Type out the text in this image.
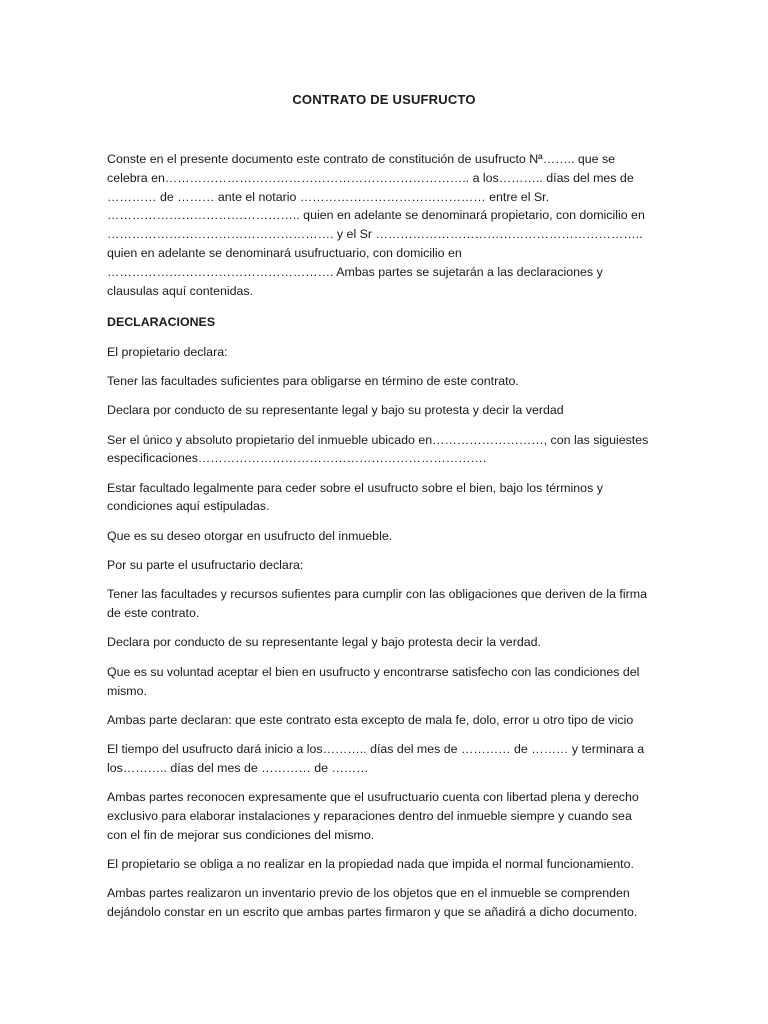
CONTRATO DE USUFRUCTO

Conste en el presente documento este contrato de constitución de usufructo Nª…….. que se celebra en……………………………………………………………….. a los……….. días del mes de ………… de ……… ante el notario ……………………………………… entre el Sr. ……………………………………….. quien en adelante se denominará propietario, con domicilio en ………………………………………………. y el Sr ……………………………………………………….. quien en adelante se denominará usufructuario, con domicilio en ………………………………………………. Ambas partes se sujetarán a las declaraciones y clausulas aquí contenidas.

DECLARACIONES

El propietario declara:

Tener las facultades suficientes para obligarse en término de este contrato.

Declara por conducto de su representante legal y bajo su protesta y decir la verdad

Ser el único y absoluto propietario del inmueble ubicado en………………………, con las siguiestes especificaciones…………………………………………………………….

Estar facultado legalmente para ceder sobre el usufructo sobre el bien, bajo los términos y condiciones aquí estipuladas.

Que es su deseo otorgar en usufructo del inmueble.

Por su parte el usufructario declara:

Tener las facultades y recursos sufientes para cumplir con las obligaciones que deriven de la firma de este contrato.

Declara por conducto de su representante legal y bajo protesta decir la verdad.

Que es su voluntad aceptar el bien en usufructo y encontrarse satisfecho con las condiciones del mismo.

Ambas parte declaran: que este contrato esta excepto de mala fe, dolo, error u otro tipo de vicio

El tiempo del usufructo dará inicio a los……….. días del mes de ………… de ……… y terminara a los……….. días del mes de ………… de ………

Ambas partes reconocen expresamente que el usufructuario cuenta con libertad plena y derecho exclusivo para elaborar instalaciones y reparaciones dentro del inmueble siempre y cuando sea con el fin de mejorar sus condiciones del mismo.

El propietario se obliga a no realizar en la propiedad nada que impida el normal funcionamiento.

Ambas partes realizaron un inventario previo de los objetos que en el inmueble se comprenden dejándolo constar en un escrito que ambas partes firmaron y que se añadirá a dicho documento.
